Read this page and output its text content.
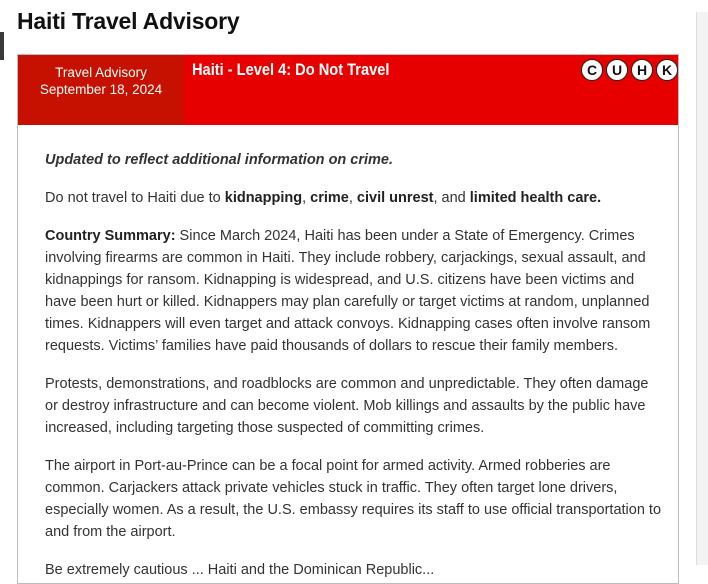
Haiti Travel Advisory
Travel Advisory
September 18, 2024
Haiti - Level 4: Do Not Travel	C	U	H	K

Updated to reflect additional information on crime.

Do not travel to Haiti due to kidnapping, crime, civil unrest, and limited health care.

Country Summary: Since March 2024, Haiti has been under a State of Emergency. Crimes involving firearms are common in Haiti. They include robbery, carjackings, sexual assault, and kidnappings for ransom. Kidnapping is widespread, and U.S. citizens have been victims and have been hurt or killed. Kidnappers may plan carefully or target victims at random, unplanned times. Kidnappers will even target and attack convoys. Kidnapping cases often involve ransom requests. Victims’ families have paid thousands of dollars to rescue their family members.

Protests, demonstrations, and roadblocks are common and unpredictable. They often damage or destroy infrastructure and can become violent. Mob killings and assaults by the public have increased, including targeting those suspected of committing crimes.

The airport in Port-au-Prince can be a focal point for armed activity. Armed robberies are common. Carjackers attack private vehicles stuck in traffic. They often target lone drivers, especially women. As a result, the U.S. embassy requires its staff to use official transportation to and from the airport.

Be extremely cautious ... Haiti and the Dominican Republic...
